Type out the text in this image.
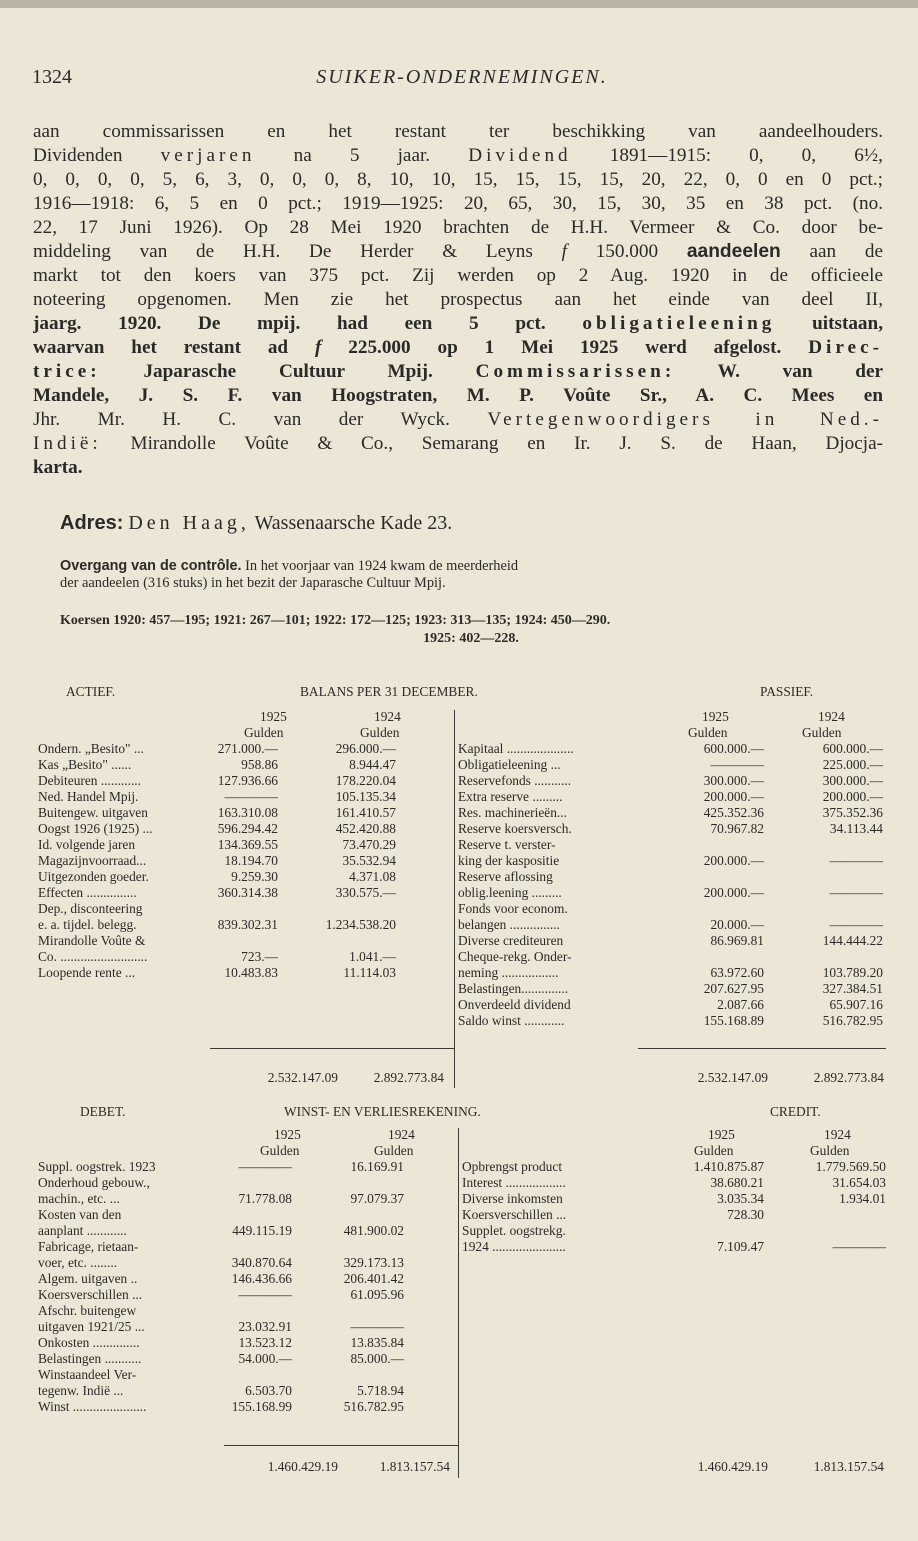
1324	SUIKER-ONDERNEMINGEN.
aan commissarissen en het restant ter beschikking van aandeelhouders.
Dividenden verjaren na 5 jaar. Dividend 1891—1915: 0, 0, 6½,
0, 0, 0, 0, 5, 6, 3, 0, 0, 0, 8, 10, 10, 15, 15, 15, 15, 20, 22, 0, 0 en 0 pct.;
1916—1918: 6, 5 en 0 pct.; 1919—1925: 20, 65, 30, 15, 30, 35 en 38 pct. (no.
22, 17 Juni 1926). Op 28 Mei 1920 brachten de H.H. Vermeer & Co. door be-
middeling van de H.H. De Herder & Leyns f 150.000 aandeelen aan de
markt tot den koers van 375 pct. Zij werden op 2 Aug. 1920 in de officieele
noteering opgenomen. Men zie het prospectus aan het einde van deel II,
jaarg. 1920. De mpij. had een 5 pct. obligatieleening uitstaan,
waarvan het restant ad f 225.000 op 1 Mei 1925 werd afgelost. Direc-
trice: Japarasche Cultuur Mpij. Commissarissen: W. van der
Mandele, J. S. F. van Hoogstraten, M. P. Voûte Sr., A. C. Mees en
Jhr. Mr. H. C. van der Wyck. Vertegenwoordigers in Ned.-
Indië: Mirandolle Voûte & Co., Semarang en Ir. J. S. de Haan, Djocja-
karta.
Adres: Den Haag, Wassenaarsche Kade 23.
Overgang van de contrôle. In het voorjaar van 1924 kwam de meerderheid
der aandeelen (316 stuks) in het bezit der Japarasche Cultuur Mpij.
Koersen 1920: 457—195; 1921: 267—101; 1922: 172—125; 1923: 313—135; 1924: 450—290.
1925: 402—228.
ACTIEF.	BALANS PER 31 DECEMBER.	PASSIEF.
1925	1924	1925	1924
Gulden	Gulden	Gulden	Gulden
Ondern. „Besito" ...	271.000.—	296.000.—
Kas „Besito" ......	958.86	8.944.47
Debiteuren ............	127.936.66	178.220.04
Ned. Handel Mpij.	————	105.135.34
Buitengew. uitgaven	163.310.08	161.410.57
Oogst 1926 (1925) ...	596.294.42	452.420.88
Id. volgende jaren	134.369.55	73.470.29
Magazijnvoorraad...	18.194.70	35.532.94
Uitgezonden goeder.	9.259.30	4.371.08
Effecten ...............	360.314.38	330.575.—
Dep., disconteering
e. a. tijdel. belegg.	839.302.31	1.234.538.20
Mirandolle Voûte &
Co. ..........................	723.—	1.041.—
Loopende rente ...	10.483.83	11.114.03
Kapitaal ....................	600.000.—	600.000.—
Obligatieleening ...	————	225.000.—
Reservefonds ...........	300.000.—	300.000.—
Extra reserve .........	200.000.—	200.000.—
Res. machinerieën...	425.352.36	375.352.36
Reserve koersversch.	70.967.82	34.113.44
Reserve t. verster-
king der kaspositie	200.000.—	————
Reserve aflossing
oblig.leening .........	200.000.—	————
Fonds voor econom.
belangen ...............	20.000.—	————
Diverse crediteuren	86.969.81	144.444.22
Cheque-rekg. Onder-
neming .................	63.972.60	103.789.20
Belastingen..............	207.627.95	327.384.51
Onverdeeld dividend	2.087.66	65.907.16
Saldo winst ............	155.168.89	516.782.95
2.532.147.09	2.892.773.84	2.532.147.09	2.892.773.84
DEBET.	WINST- EN VERLIESREKENING.	CREDIT.
1925	1924	1925	1924
Gulden	Gulden	Gulden	Gulden
Suppl. oogstrek. 1923	————	16.169.91
Onderhoud gebouw.,
machin., etc. ...	71.778.08	97.079.37
Kosten van den
aanplant ............	449.115.19	481.900.02
Fabricage, rietaan-
voer, etc. ........	340.870.64	329.173.13
Algem. uitgaven ..	146.436.66	206.401.42
Koersverschillen ...	————	61.095.96
Afschr. buitengew
uitgaven 1921/25 ...	23.032.91	————
Onkosten ..............	13.523.12	13.835.84
Belastingen ...........	54.000.—	85.000.—
Winstaandeel Ver-
tegenw. Indië ...	6.503.70	5.718.94
Winst ......................	155.168.99	516.782.95
Opbrengst product	1.410.875.87	1.779.569.50
Interest ..................	38.680.21	31.654.03
Diverse inkomsten	3.035.34	1.934.01
Koersverschillen ...	728.30
Supplet. oogstrekg.
1924 ......................	7.109.47	————
1.460.429.19	1.813.157.54	1.460.429.19	1.813.157.54
